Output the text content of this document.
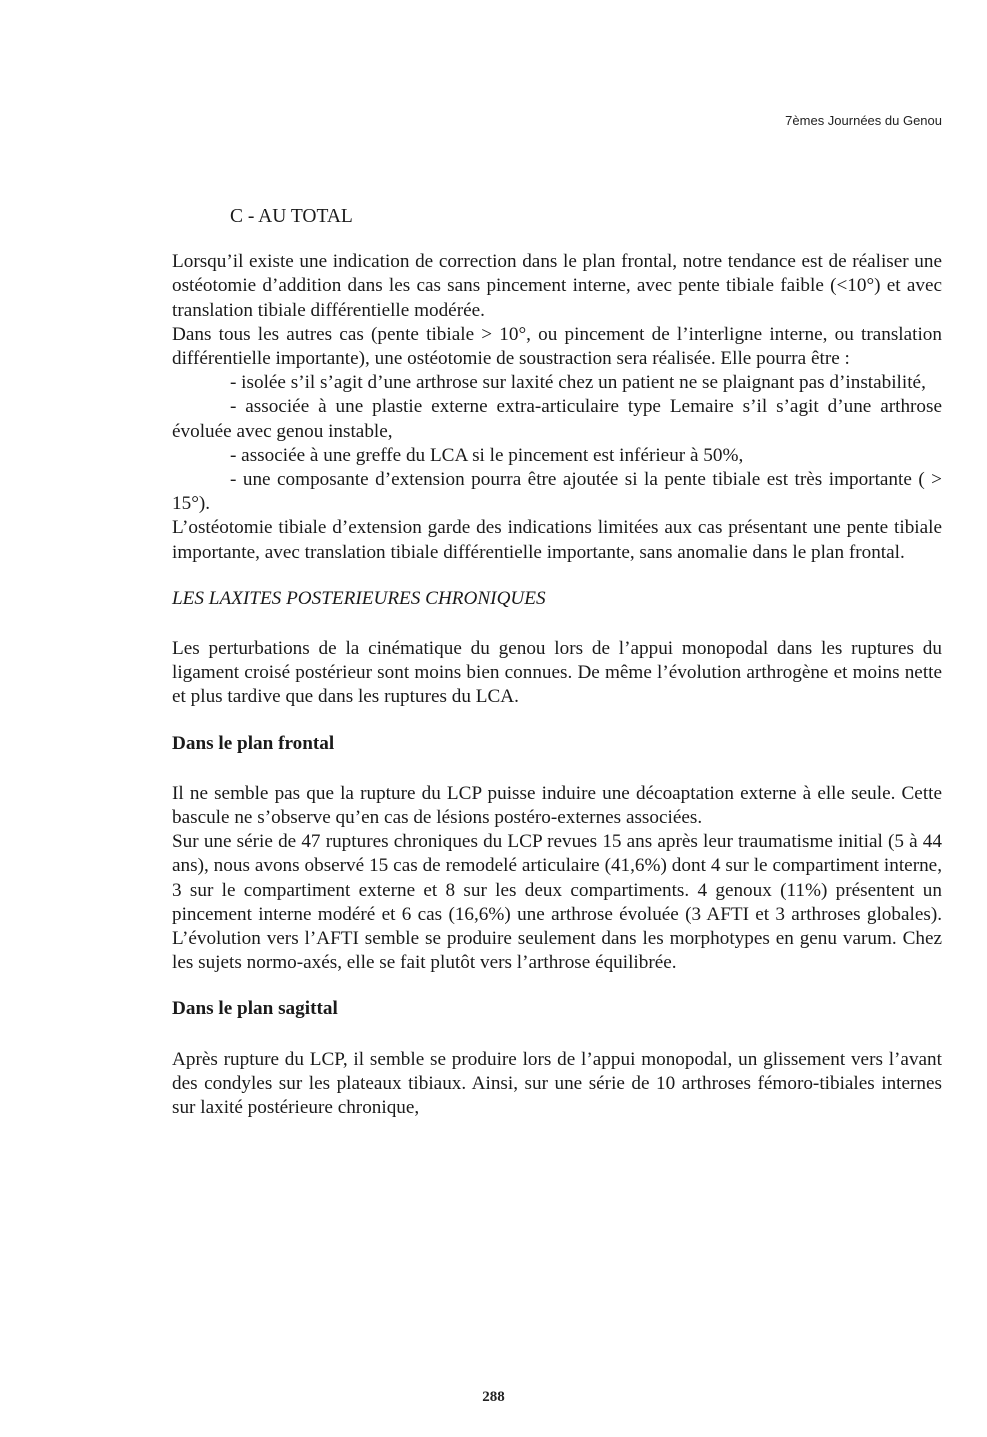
7èmes Journées du Genou
C - AU TOTAL

Lorsqu’il existe une indication de correction dans le plan frontal, notre tendance est de réaliser une ostéotomie d’addition dans les cas sans pincement interne, avec pente tibiale faible (<10°) et avec translation tibiale différentielle modérée.

Dans tous les autres cas (pente tibiale > 10°, ou pincement de l’interligne interne, ou translation différentielle importante), une ostéotomie de soustraction sera réalisée. Elle pourra être :

- isolée s’il s’agit d’une arthrose sur laxité chez un patient ne se plaignant pas d’instabilité,

- associée à une plastie externe extra-articulaire type Lemaire s’il s’agit d’une arthrose évoluée avec genou instable,

- associée à une greffe du LCA si le pincement est inférieur à 50%,

- une composante d’extension pourra être ajoutée si la pente tibiale est très importante ( > 15°).

L’ostéotomie tibiale d’extension garde des indications limitées aux cas présentant une pente tibiale importante, avec translation tibiale différentielle importante, sans anomalie dans le plan frontal.

LES LAXITES POSTERIEURES CHRONIQUES

Les perturbations de la cinématique du genou lors de l’appui monopodal dans les ruptures du ligament croisé postérieur sont moins bien connues. De même l’évolution arthrogène et moins nette et plus tardive que dans les ruptures du LCA.

Dans le plan frontal

Il ne semble pas que la rupture du LCP puisse induire une décoaptation externe à elle seule. Cette bascule ne s’observe qu’en cas de lésions postéro-externes associées.

Sur une série de 47 ruptures chroniques du LCP revues 15 ans après leur traumatisme initial (5 à 44 ans), nous avons observé 15 cas de remodelé articulaire (41,6%) dont 4 sur le compartiment interne, 3 sur le compartiment externe et 8 sur les deux compartiments. 4 genoux (11%) présentent un pincement interne modéré et 6 cas (16,6%) une arthrose évoluée (3 AFTI et 3 arthroses globales). L’évolution vers l’AFTI semble se produire seulement dans les morphotypes en genu varum. Chez les sujets normo-axés, elle se fait plutôt vers l’arthrose équilibrée.

Dans le plan sagittal

Après rupture du LCP, il semble se produire lors de l’appui monopodal, un glissement vers l’avant des condyles sur les plateaux tibiaux. Ainsi, sur une série de 10 arthroses fémoro-tibiales internes sur laxité postérieure chronique,

288
